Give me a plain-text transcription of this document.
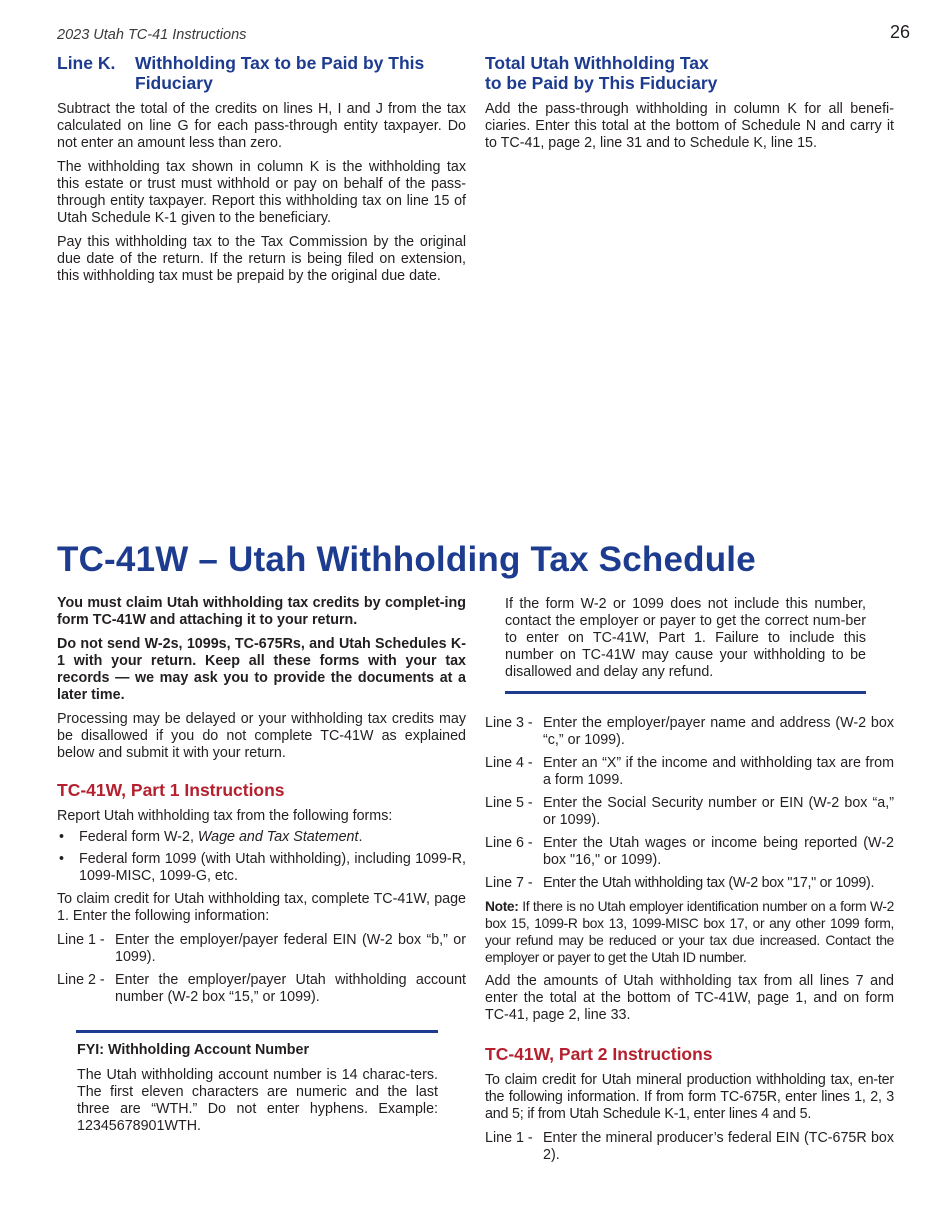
2023 Utah TC-41 Instructions	26
Line K.	Withholding Tax to be Paid by This
Fiduciary

Subtract the total of the credits on lines H, I and J from the tax calculated on line G for each pass-through entity taxpayer. Do not enter an amount less than zero.

The withholding tax shown in column K is the withholding tax this estate or trust must withhold or pay on behalf of the pass-through entity taxpayer. Report this withholding tax on line 15 of Utah Schedule K-1 given to the beneficiary.

Pay this withholding tax to the Tax Commission by the original due date of the return. If the return is being filed on extension, this withholding tax must be prepaid by the original due date.

Total Utah Withholding Tax
to be Paid by This Fiduciary

Add the pass-through withholding in column K for all benefi-ciaries. Enter this total at the bottom of Schedule N and carry it to TC-41, page 2, line 31 and to Schedule K, line 15.

TC-41W – Utah Withholding Tax Schedule

You must claim Utah withholding tax credits by complet-ing form TC-41W and attaching it to your return.

Do not send W-2s, 1099s, TC-675Rs, and Utah Schedules K-1 with your return. Keep all these forms with your tax records — we may ask you to provide the documents at a later time.

Processing may be delayed or your withholding tax credits may be disallowed if you do not complete TC-41W as explained below and submit it with your return.

TC-41W, Part 1 Instructions

Report Utah withholding tax from the following forms:

• Federal form W-2, Wage and Tax Statement.
• Federal form 1099 (with Utah withholding), including 1099-R, 1099-MISC, 1099-G, etc.

To claim credit for Utah withholding tax, complete TC-41W, page 1. Enter the following information:

Line 1 - Enter the employer/payer federal EIN (W-2 box “b,” or 1099).
Line 2 - Enter the employer/payer Utah withholding account number (W-2 box “15,” or 1099).
FYI: Withholding Account Number

The Utah withholding account number is 14 charac-ters. The first eleven characters are numeric and the last three are “WTH.” Do not enter hyphens. Example: 12345678901WTH.

If the form W-2 or 1099 does not include this number, contact the employer or payer to get the correct num-ber to enter on TC-41W, Part 1. Failure to include this number on TC-41W may cause your withholding to be disallowed and delay any refund.

Line 3 - Enter the employer/payer name and address (W-2 box “c,” or 1099).
Line 4 - Enter an “X” if the income and withholding tax are from a form 1099.
Line 5 - Enter the Social Security number or EIN (W-2 box “a,” or 1099).
Line 6 - Enter the Utah wages or income being reported (W-2 box "16," or 1099).
Line 7 - Enter the Utah withholding tax (W-2 box "17," or 1099).

Note: If there is no Utah employer identification number on a form W-2 box 15, 1099-R box 13, 1099-MISC box 17, or any other 1099 form, your refund may be reduced or your tax due increased. Contact the employer or payer to get the Utah ID number.

Add the amounts of Utah withholding tax from all lines 7 and enter the total at the bottom of TC-41W, page 1, and on form TC-41, page 2, line 33.

TC-41W, Part 2 Instructions

To claim credit for Utah mineral production withholding tax, en-ter the following information. If from form TC-675R, enter lines 1, 2, 3 and 5; if from Utah Schedule K-1, enter lines 4 and 5.

Line 1 - Enter the mineral producer’s federal EIN (TC-675R box 2).
